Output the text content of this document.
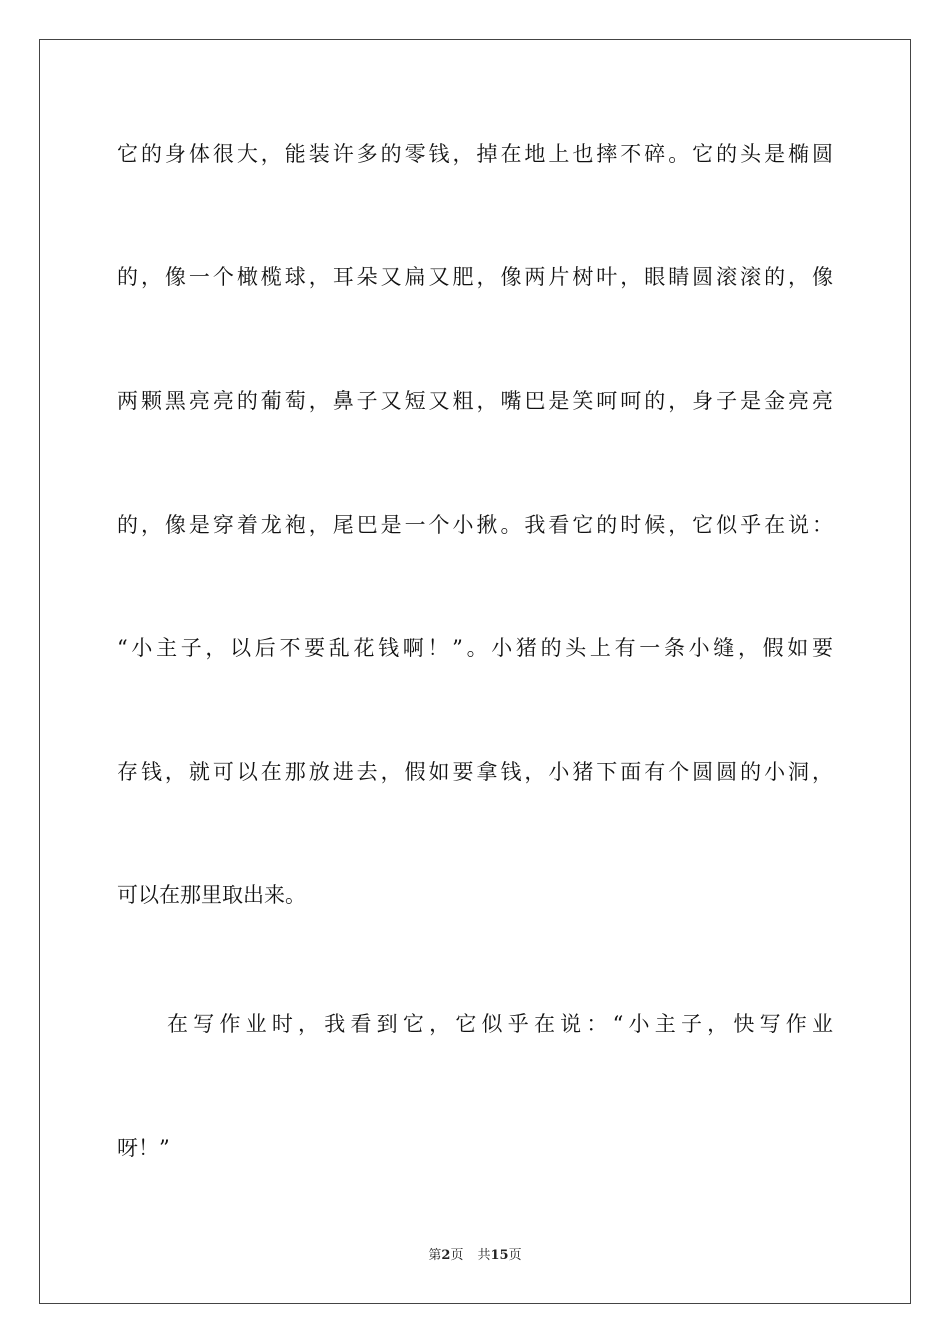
它的身体很大，能装许多的零钱，掉在地上也摔不碎。它的头是椭圆
的，像一个橄榄球，耳朵又扁又肥，像两片树叶，眼睛圆滚滚的，像
两颗黑亮亮的葡萄，鼻子又短又粗，嘴巴是笑呵呵的，身子是金亮亮
的，像是穿着龙袍，尾巴是一个小揪。我看它的时候，它似乎在说：
“小主子，以后不要乱花钱啊！”。小猪的头上有一条小缝，假如要
存钱，就可以在那放进去，假如要拿钱，小猪下面有个圆圆的小洞，
可以在那里取出来。
在写作业时，我看到它，它似乎在说：“小主子，快写作业
呀！”
第2页 共15页
